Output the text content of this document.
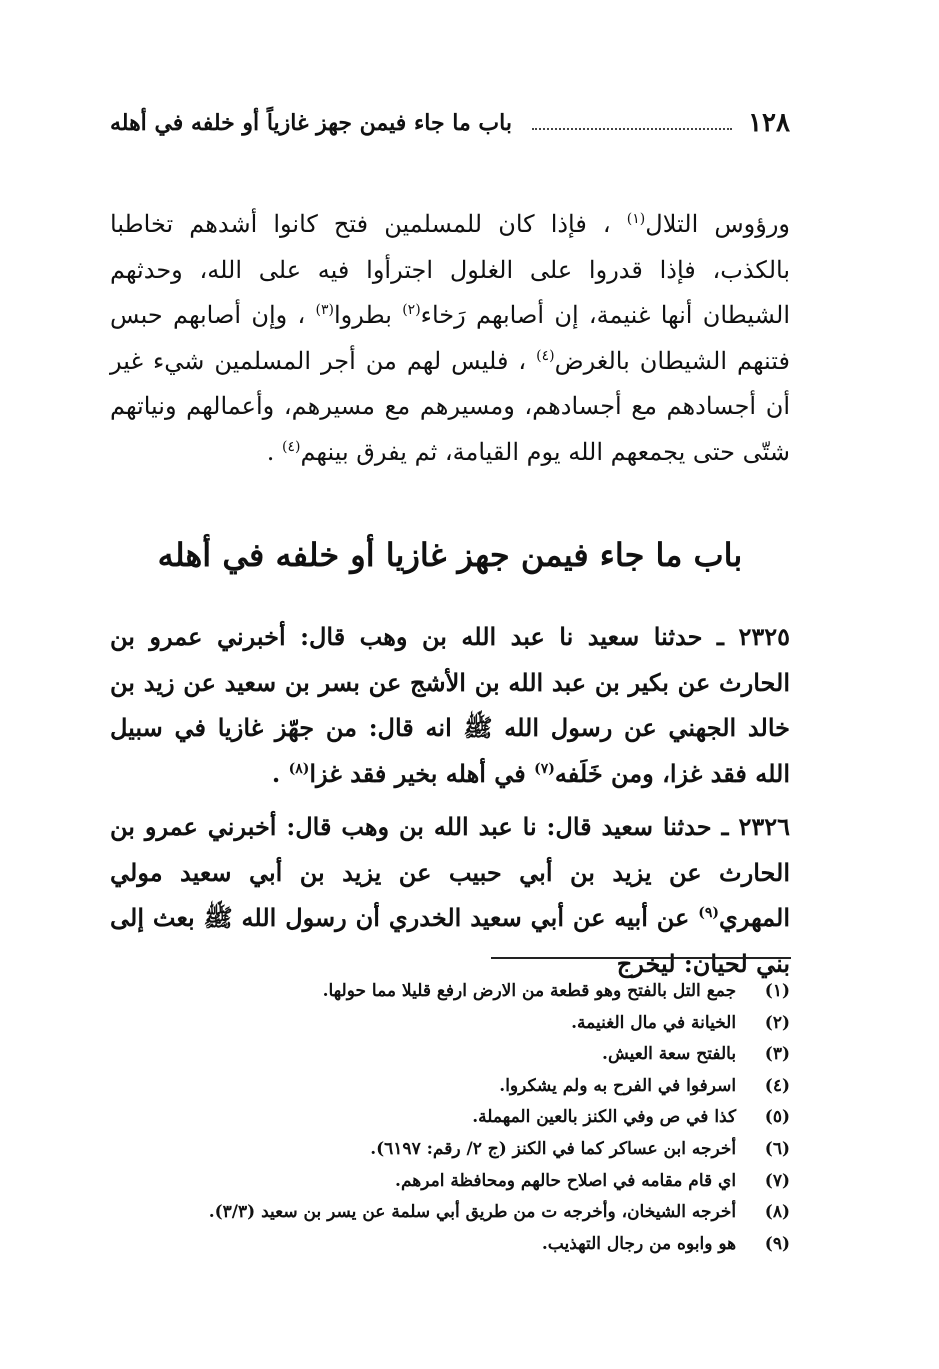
١٢٨
باب ما جاء فيمن جهز غازياً أو خلفه في أهله

ورؤوس التلال$^{(١)}$ ، فإذا كان للمسلمين فتح كانوا أشدهم تخاطبا بالكذب، فإذا قدروا على الغلول اجترأوا فيه على الله، وحدثهم الشيطان أنها غنيمة، إن أصابهم رَخاء$^{(٢)}$ بطروا$^{(٣)}$ ، وإن أصابهم حبس فتنهم الشيطان بالغرض$^{(٤)}$ ، فليس لهم من أجر المسلمين شيء غير أن أجسادهم مع أجسادهم، ومسيرهم مع مسيرهم، وأعمالهم ونياتهم شتّى حتى يجمعهم الله يوم القيامة، ثم يفرق بينهم$^{(٤)}$ .

باب ما جاء فيمن جهز غازيا أو خلفه في أهله

٢٣٢٥ ـ حدثنا سعيد نا عبد الله بن وهب قال: أخبرني عمرو بن الحارث عن بكير بن عبد الله بن الأشج عن بسر بن سعيد عن زيد بن خالد الجهني عن رسول الله ﷺ انه قال: من جهّز غازيا في سبيل الله فقد غزا، ومن خَلَفه$^{(٧)}$ في أهله بخير فقد غزا$^{(٨)}$ .

٢٣٢٦ ـ حدثنا سعيد قال: نا عبد الله بن وهب قال: أخبرني عمرو بن الحارث عن يزيد بن أبي حبيب عن يزيد بن أبي سعيد مولي المهري$^{(٩)}$ عن أبيه عن أبي سعيد الخدري أن رسول الله ﷺ بعث إلى بني لحيان: ليخرج

(١) جمع التل بالفتح وهو قطعة من الارض ارفع قليلا مما حولها.
(٢) الخيانة في مال الغنيمة.
(٣) بالفتح سعة العيش.
(٤) اسرفوا في الفرح به ولم يشكروا.
(٥) كذا في ص وفي الكنز بالعين المهملة.
(٦) أخرجه ابن عساكر كما في الكنز (ج ٢/ رقم: ٦١٩٧).
(٧) اي قام مقامه في اصلاح حالهم ومحافظة امرهم.
(٨) أخرجه الشيخان، وأخرجه ت من طريق أبي سلمة عن يسر بن سعيد (٣/٣).
(٩) هو وابوه من رجال التهذيب.
